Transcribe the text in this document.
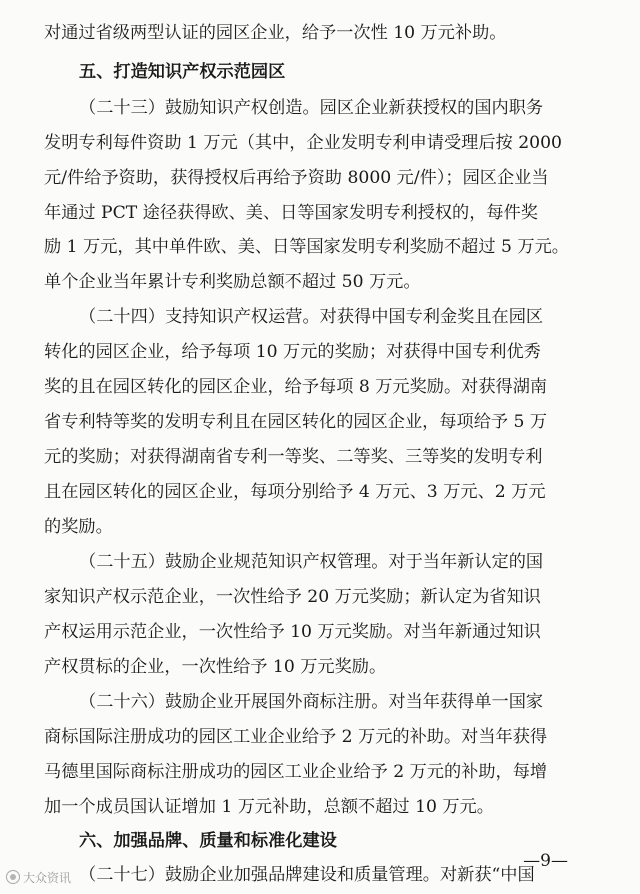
对通过省级两型认证的园区企业，给予一次性 10 万元补助。
五、打造知识产权示范园区
（二十三）鼓励知识产权创造。园区企业新获授权的国内职务
发明专利每件资助 1 万元（其中，企业发明专利申请受理后按 2000
元/件给予资助，获得授权后再给予资助 8000 元/件）；园区企业当
年通过 PCT 途径获得欧、美、日等国家发明专利授权的，每件奖
励 1 万元，其中单件欧、美、日等国家发明专利奖励不超过 5 万元。
单个企业当年累计专利奖励总额不超过 50 万元。
（二十四）支持知识产权运营。对获得中国专利金奖且在园区
转化的园区企业，给予每项 10 万元的奖励；对获得中国专利优秀
奖的且在园区转化的园区企业，给予每项 8 万元奖励。对获得湖南
省专利特等奖的发明专利且在园区转化的园区企业，每项给予 5 万
元的奖励；对获得湖南省专利一等奖、二等奖、三等奖的发明专利
且在园区转化的园区企业，每项分别给予 4 万元、3 万元、2 万元
的奖励。
（二十五）鼓励企业规范知识产权管理。对于当年新认定的国
家知识产权示范企业，一次性给予 20 万元奖励；新认定为省知识
产权运用示范企业，一次性给予 10 万元奖励。对当年新通过知识
产权贯标的企业，一次性给予 10 万元奖励。
（二十六）鼓励企业开展国外商标注册。对当年获得单一国家
商标国际注册成功的园区工业企业给予 2 万元的补助。对当年获得
马德里国际商标注册成功的园区工业企业给予 2 万元的补助，每增
加一个成员国认证增加 1 万元补助，总额不超过 10 万元。
六、加强品牌、质量和标准化建设
（二十七）鼓励企业加强品牌建设和质量管理。对新获“中国
—9—
大众资讯
